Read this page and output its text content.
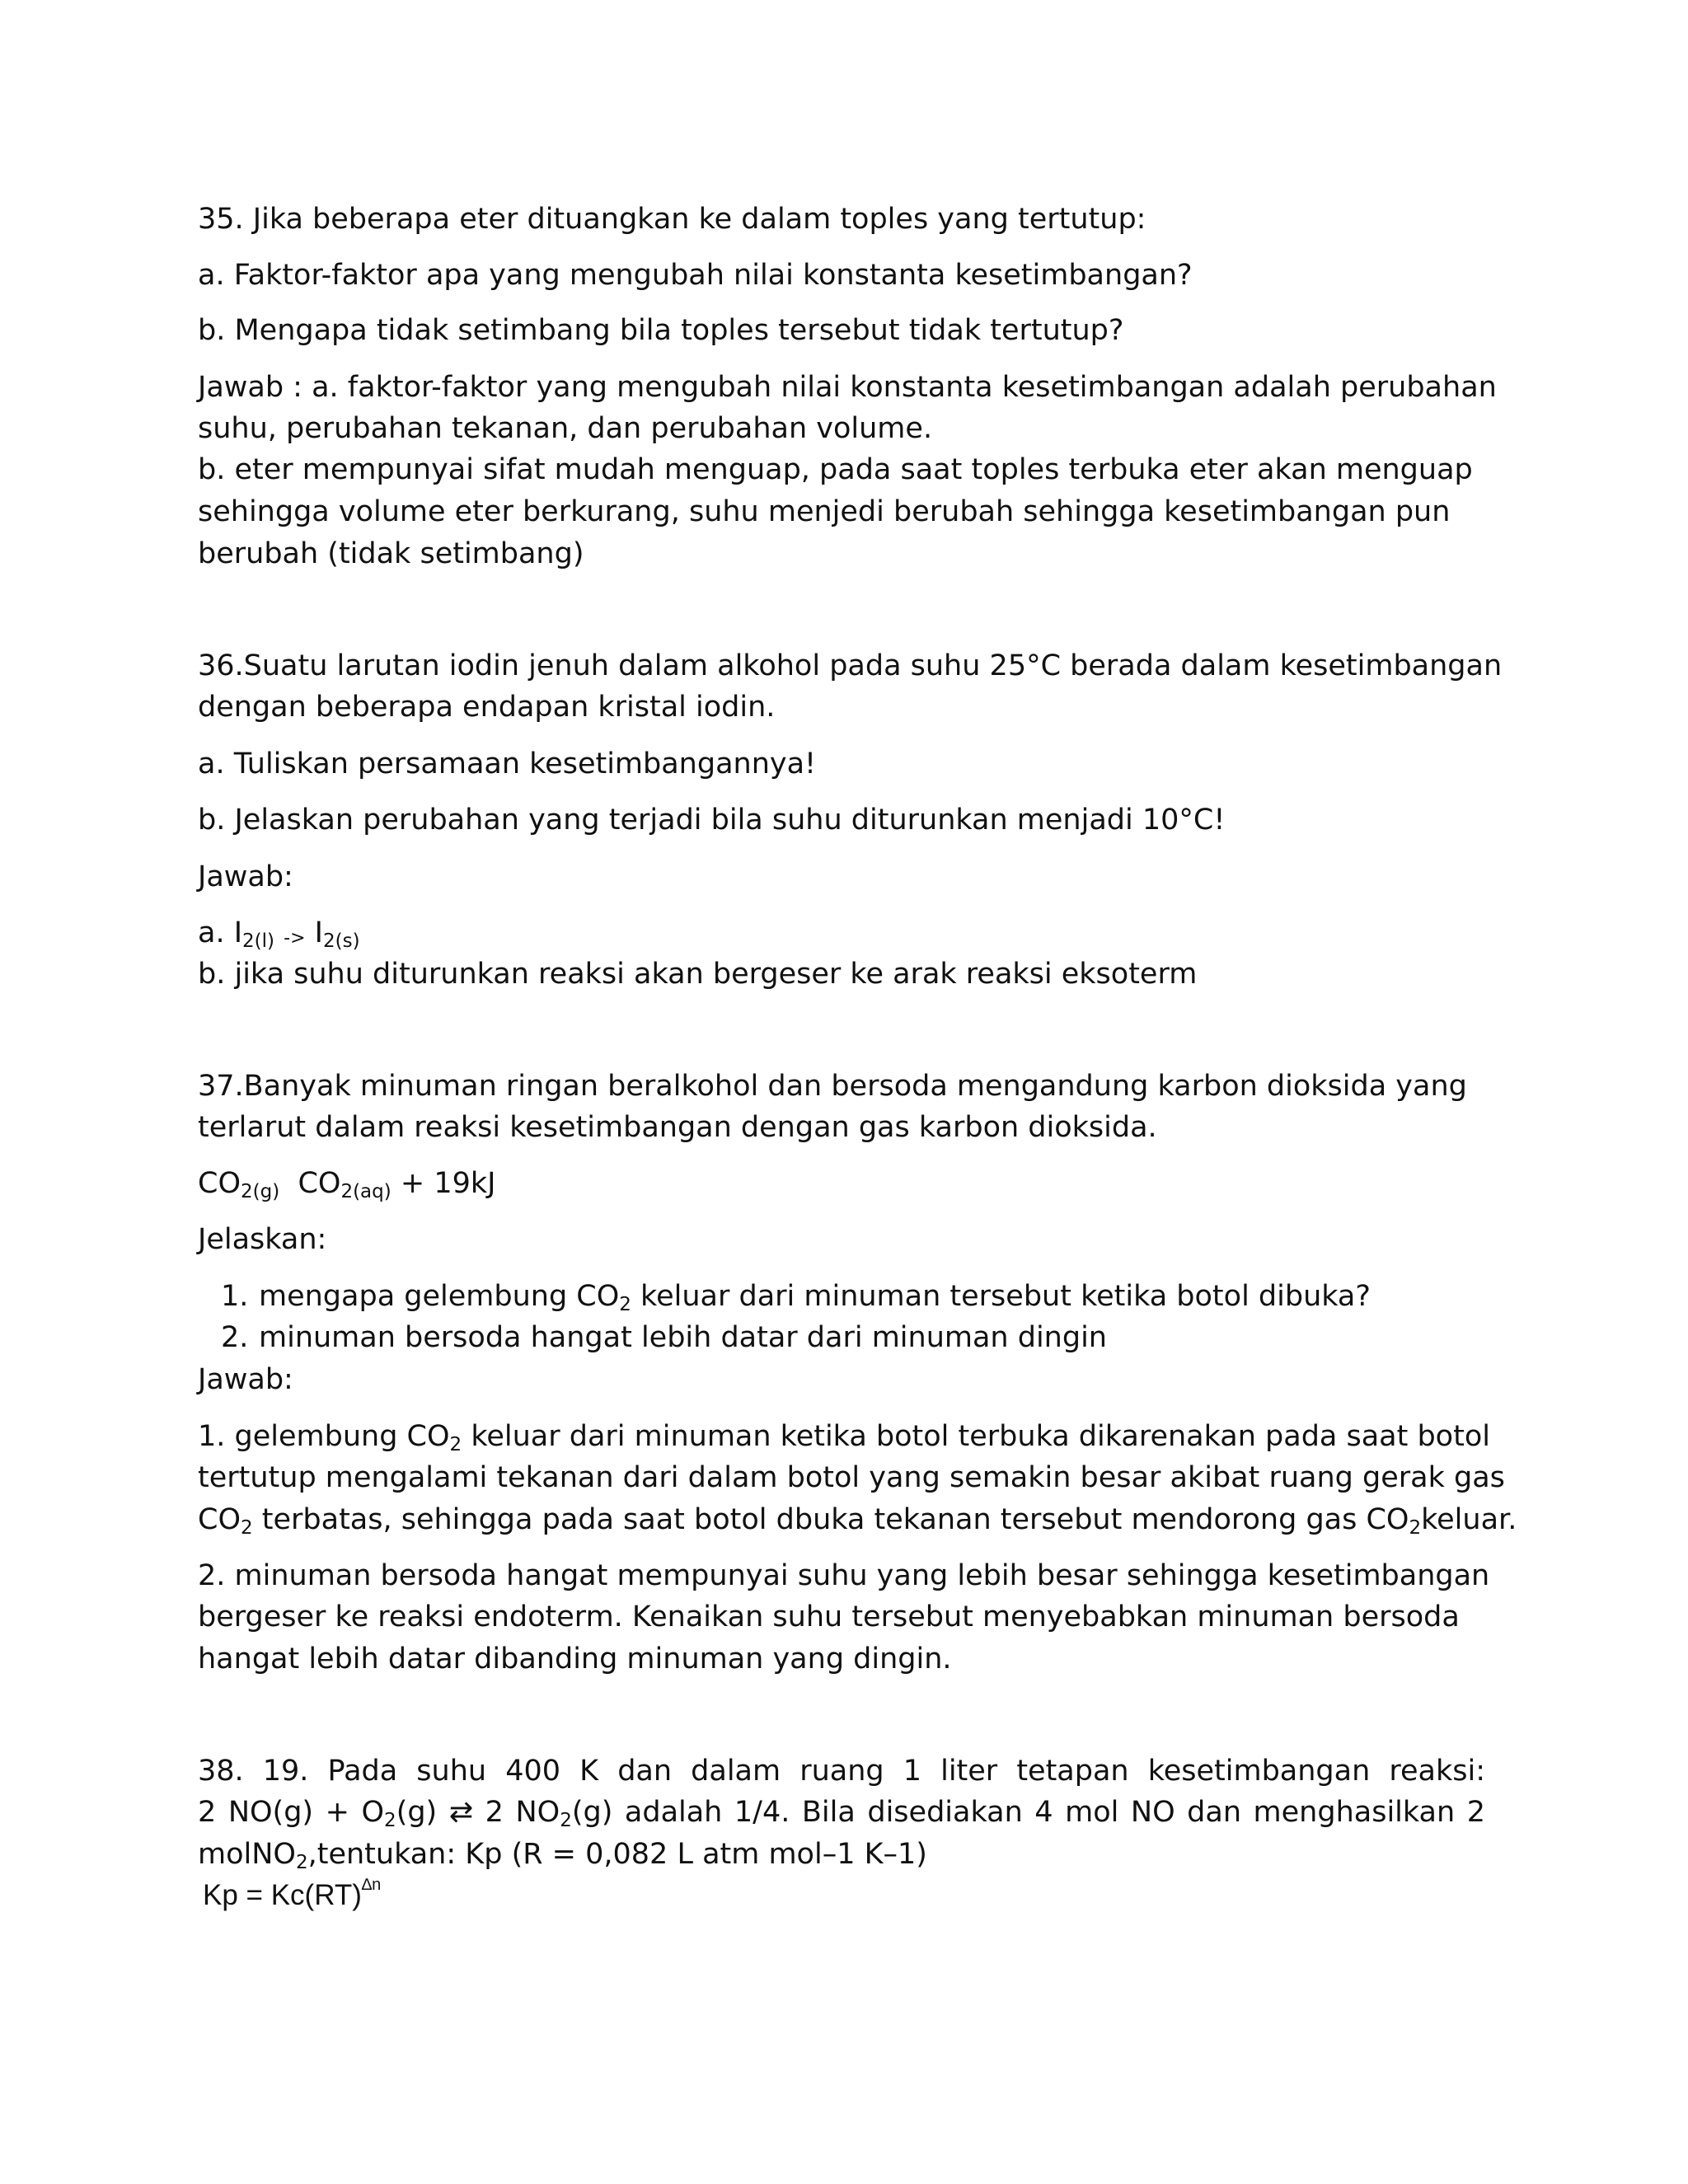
35. Jika beberapa eter dituangkan ke dalam toples yang tertutup:

a. Faktor-faktor apa yang mengubah nilai konstanta kesetimbangan?

b. Mengapa tidak setimbang bila toples tersebut tidak tertutup?

Jawab : a. faktor-faktor yang mengubah nilai konstanta kesetimbangan adalah perubahan

suhu, perubahan tekanan, dan perubahan volume.

b. eter mempunyai sifat mudah menguap, pada saat toples terbuka eter akan menguap

sehingga volume eter berkurang, suhu menjedi berubah sehingga kesetimbangan pun

berubah (tidak setimbang)

36.Suatu larutan iodin jenuh dalam alkohol pada suhu 25°C berada dalam kesetimbangan

dengan beberapa endapan kristal iodin.

a. Tuliskan persamaan kesetimbangannya!

b. Jelaskan perubahan yang terjadi bila suhu diturunkan menjadi 10°C!

Jawab:

a. $I_{2(l)} -> I_{2(s)}$

b. jika suhu diturunkan reaksi akan bergeser ke arak reaksi eksoterm

37.Banyak minuman ringan beralkohol dan bersoda mengandung karbon dioksida yang

terlarut dalam reaksi kesetimbangan dengan gas karbon dioksida.

$CO_{2(g)}$ $CO_{2(aq)} + 19kJ$

Jelaskan:

1. mengapa gelembung $CO_2$ keluar dari minuman tersebut ketika botol dibuka?

2. minuman bersoda hangat lebih datar dari minuman dingin

Jawab:

1. gelembung $CO_2$ keluar dari minuman ketika botol terbuka dikarenakan pada saat botol

tertutup mengalami tekanan dari dalam botol yang semakin besar akibat ruang gerak gas

$CO_2$ terbatas, sehingga pada saat botol dbuka tekanan tersebut mendorong gas $CO_2keluar$.

2. minuman bersoda hangat mempunyai suhu yang lebih besar sehingga kesetimbangan

bergeser ke reaksi endoterm. Kenaikan suhu tersebut menyebabkan minuman bersoda

hangat lebih datar dibanding minuman yang dingin.

38. 19. Pada suhu 400 K dan dalam ruang 1 liter tetapan kesetimbangan reaksi:

2 $NO(g) + O_2(g)$ ⇄ 2 $NO_2(g)$ adalah 1/4. Bila disediakan 4 mol NO dan menghasilkan 2

molNO$_2$,tentukan: Kp (R = 0,082 L atm mol–1 K–1)

Kp = Kc(RT)$^{\Delta n}$
